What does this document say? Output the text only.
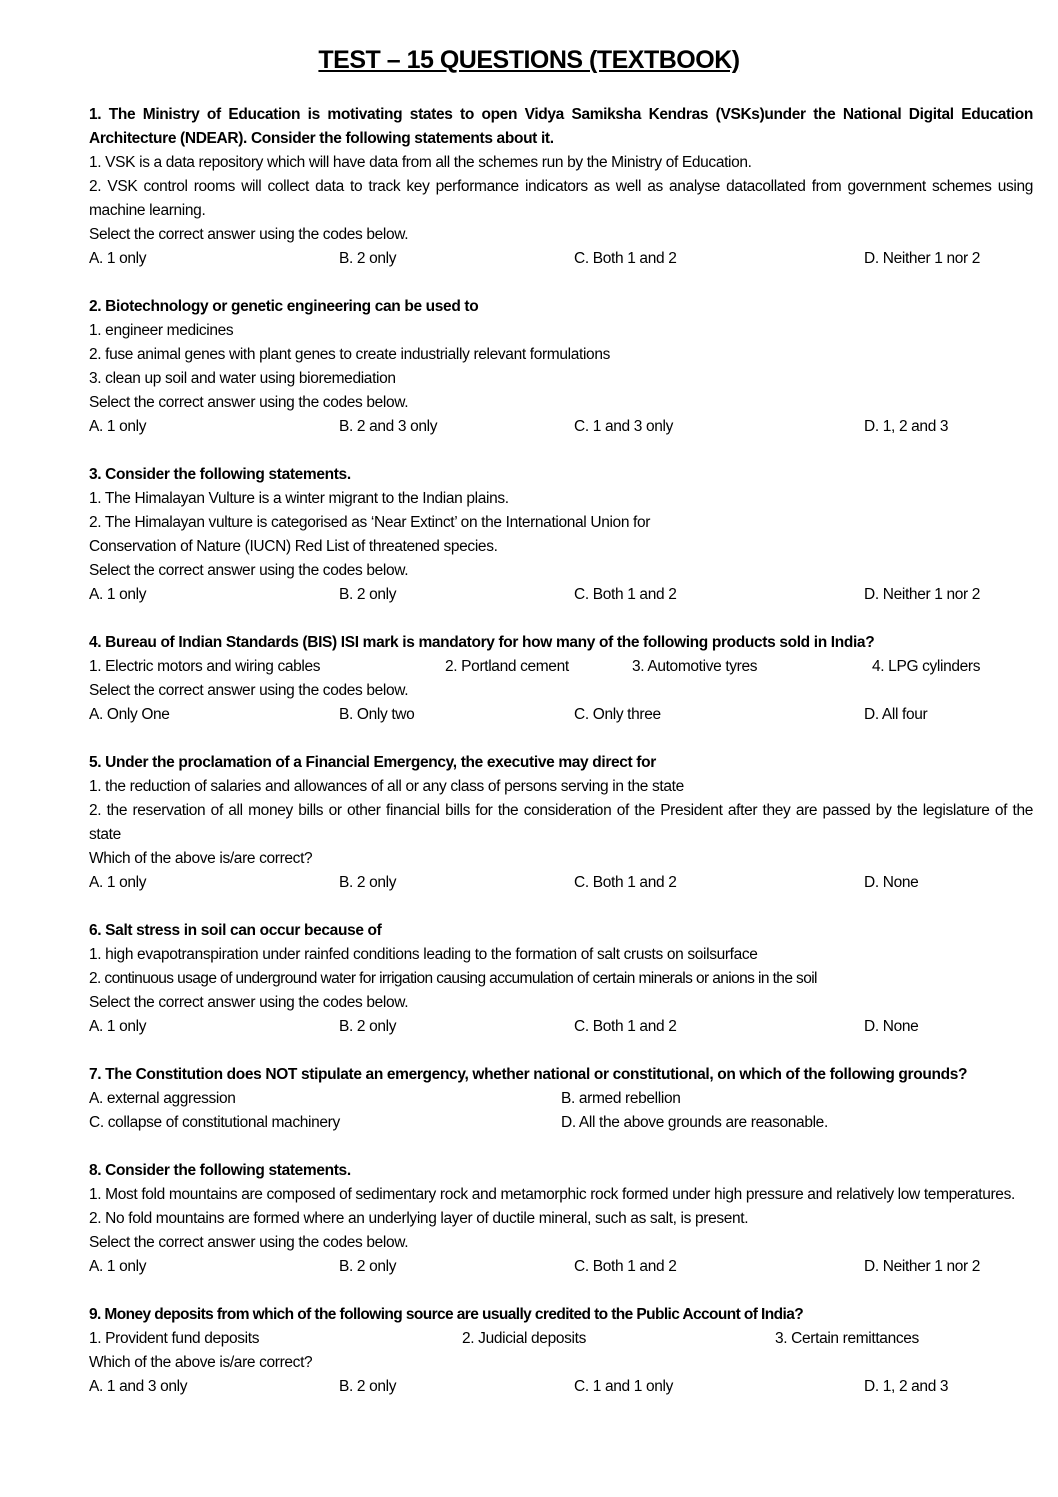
TEST – 15 QUESTIONS (TEXTBOOK)
1. The Ministry of Education is motivating states to open Vidya Samiksha Kendras (VSKs)under the National Digital Education Architecture (NDEAR). Consider the following statements about it.
1. VSK is a data repository which will have data from all the schemes run by the Ministry of Education.
2. VSK control rooms will collect data to track key performance indicators as well as analyse datacollated from government schemes using machine learning.
Select the correct answer using the codes below.
A. 1 only	B. 2 only	C. Both 1 and 2	D. Neither 1 nor 2
2. Biotechnology or genetic engineering can be used to
1. engineer medicines
2. fuse animal genes with plant genes to create industrially relevant formulations
3. clean up soil and water using bioremediation
Select the correct answer using the codes below.
A. 1 only	B. 2 and 3 only	C. 1 and 3 only	D. 1, 2 and 3
3. Consider the following statements.
1. The Himalayan Vulture is a winter migrant to the Indian plains.
2. The Himalayan vulture is categorised as ‘Near Extinct’ on the International Union for
Conservation of Nature (IUCN) Red List of threatened species.
Select the correct answer using the codes below.
A. 1 only	B. 2 only	C. Both 1 and 2	D. Neither 1 nor 2
4. Bureau of Indian Standards (BIS) ISI mark is mandatory for how many of the following products sold in India?
1. Electric motors and wiring cables	2. Portland cement	3. Automotive tyres	4. LPG cylinders
Select the correct answer using the codes below.
A. Only One	B. Only two	C. Only three	D. All four
5. Under the proclamation of a Financial Emergency, the executive may direct for
1. the reduction of salaries and allowances of all or any class of persons serving in the state
2. the reservation of all money bills or other financial bills for the consideration of the President after they are passed by the legislature of the state
Which of the above is/are correct?
A. 1 only	B. 2 only	C. Both 1 and 2	D. None
6. Salt stress in soil can occur because of
1. high evapotranspiration under rainfed conditions leading to the formation of salt crusts on soilsurface
2. continuous usage of underground water for irrigation causing accumulation of certain minerals or anions in the soil
Select the correct answer using the codes below.
A. 1 only	B. 2 only	C. Both 1 and 2	D. None
7. The Constitution does NOT stipulate an emergency, whether national or constitutional, on which of the following grounds?
A. external aggression	B. armed rebellion
C. collapse of constitutional machinery	D. All the above grounds are reasonable.
8. Consider the following statements.
1. Most fold mountains are composed of sedimentary rock and metamorphic rock formed under high pressure and relatively low temperatures.
2. No fold mountains are formed where an underlying layer of ductile mineral, such as salt, is present.
Select the correct answer using the codes below.
A. 1 only	B. 2 only	C. Both 1 and 2	D. Neither 1 nor 2
9. Money deposits from which of the following source are usually credited to the Public Account of India?
1. Provident fund deposits	2. Judicial deposits	3. Certain remittances
Which of the above is/are correct?
A. 1 and 3 only	B. 2 only	C. 1 and 1 only	D. 1, 2 and 3
